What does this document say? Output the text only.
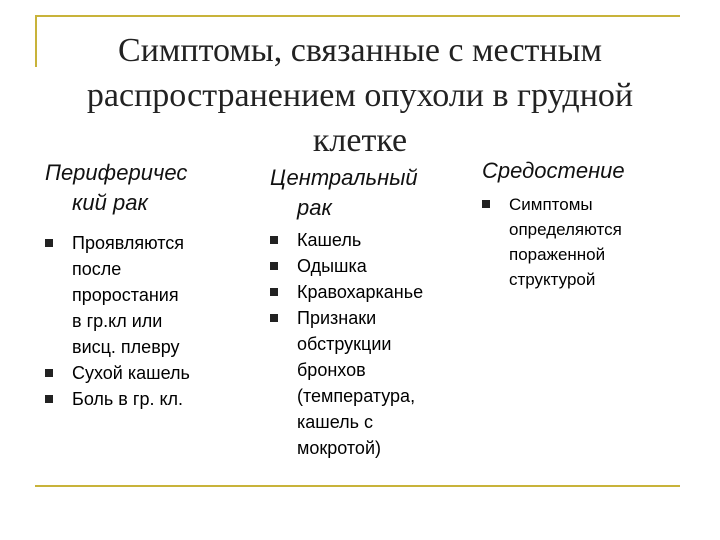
Симптомы, связанные с местным
распространением опухоли в грудной
клетке
Периферичес
кий рак
Проявляются
после
проростания
в гр.кл или
висц. плевру
Сухой кашель
Боль в гр. кл.
Центральный
рак
Кашель
Одышка
Кравохарканье
Признаки
обструкции
бронхов
(температура,
кашель с
мокротой)
Средостение
Симптомы
определяются
пораженной
структурой
